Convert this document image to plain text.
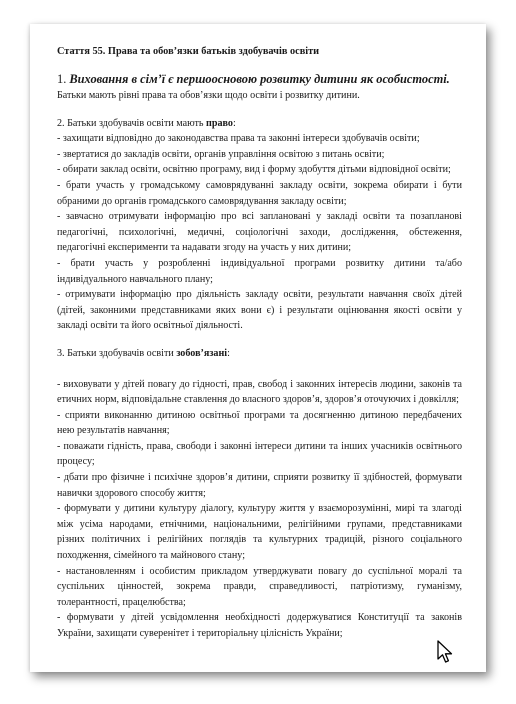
Стаття 55. Права та обов’язки батьків здобувачів освіти
1. Виховання в сім’ї є першоосновою розвитку дитини як особистості.

Батьки мають рівні права та обов’язки щодо освіти і розвитку дитини.

2. Батьки здобувачів освіти мають право:

- захищати відповідно до законодавства права та законні інтереси здобувачів освіти;

- звертатися до закладів освіти, органів управління освітою з питань освіти;

- обирати заклад освіти, освітню програму, вид і форму здобуття дітьми відповідної освіти;

- брати участь у громадському самоврядуванні закладу освіти, зокрема обирати і бути обраними до органів громадського самоврядування закладу освіти;

- завчасно отримувати інформацію про всі заплановані у закладі освіти та позапланові педагогічні, психологічні, медичні, соціологічні заходи, дослідження, обстеження, педагогічні експерименти та надавати згоду на участь у них дитини;

- брати участь у розробленні індивідуальної програми розвитку дитини та/або індивідуального навчального плану;

- отримувати інформацію про діяльність закладу освіти, результати навчання своїх дітей (дітей, законними представниками яких вони є) і результати оцінювання якості освіти у закладі освіти та його освітньої діяльності.

3. Батьки здобувачів освіти зобов’язані:

- виховувати у дітей повагу до гідності, прав, свобод і законних інтересів людини, законів та етичних норм, відповідальне ставлення до власного здоров’я, здоров’я оточуючих і довкілля;

- сприяти виконанню дитиною освітньої програми та досягненню дитиною передбачених нею результатів навчання;

- поважати гідність, права, свободи і законні інтереси дитини та інших учасників освітнього процесу;

- дбати про фізичне і психічне здоров’я дитини, сприяти розвитку її здібностей, формувати навички здорового способу життя;

- формувати у дитини культуру діалогу, культуру життя у взаєморозумінні, мирі та злагоді між усіма народами, етнічними, національними, релігійними групами, представниками різних політичних і релігійних поглядів та культурних традицій, різного соціального походження, сімейного та майнового стану;

- настановленням і особистим прикладом утверджувати повагу до суспільної моралі та суспільних цінностей, зокрема правди, справедливості, патріотизму, гуманізму, толерантності, працелюбства;

- формувати у дітей усвідомлення необхідності додержуватися Конституції та законів України, захищати суверенітет і територіальну цілісність України;
